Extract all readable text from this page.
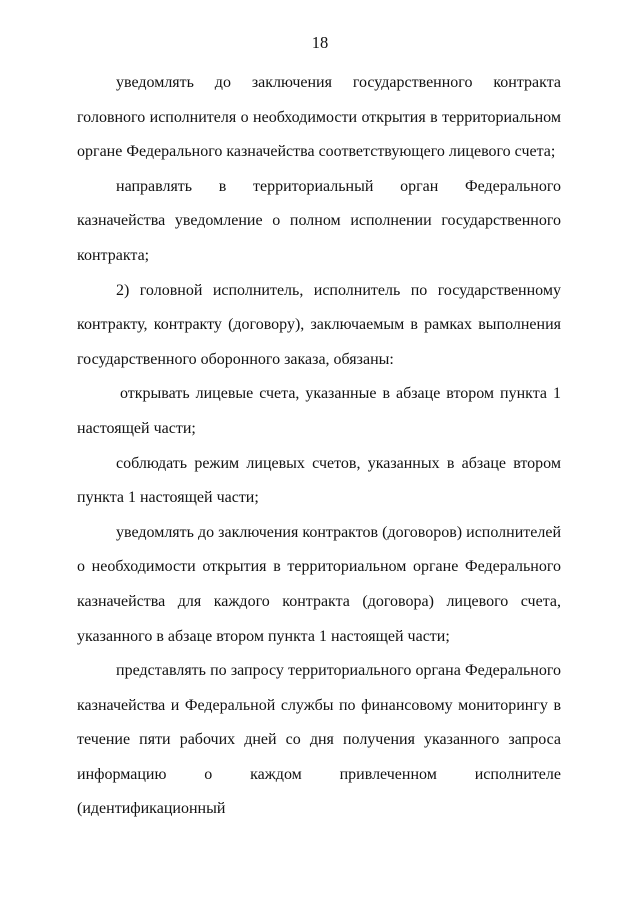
18

уведомлять до заключения государственного контракта головного исполнителя о необходимости открытия в территориальном органе Федерального казначейства соответствующего лицевого счета;

направлять в территориальный орган Федерального казначейства уведомление о полном исполнении государственного контракта;

2) головной исполнитель, исполнитель по государственному контракту, контракту (договору), заключаемым в рамках выполнения государственного оборонного заказа, обязаны:

открывать лицевые счета, указанные в абзаце втором пункта 1 настоящей части;

соблюдать режим лицевых счетов, указанных в абзаце втором пункта 1 настоящей части;

уведомлять до заключения контрактов (договоров) исполнителей о необходимости открытия в территориальном органе Федерального казначейства для каждого контракта (договора) лицевого счета, указанного в абзаце втором пункта 1 настоящей части;

представлять по запросу территориального органа Федерального казначейства и Федеральной службы по финансовому мониторингу в течение пяти рабочих дней со дня получения указанного запроса информацию о каждом привлеченном исполнителе (идентификационный
